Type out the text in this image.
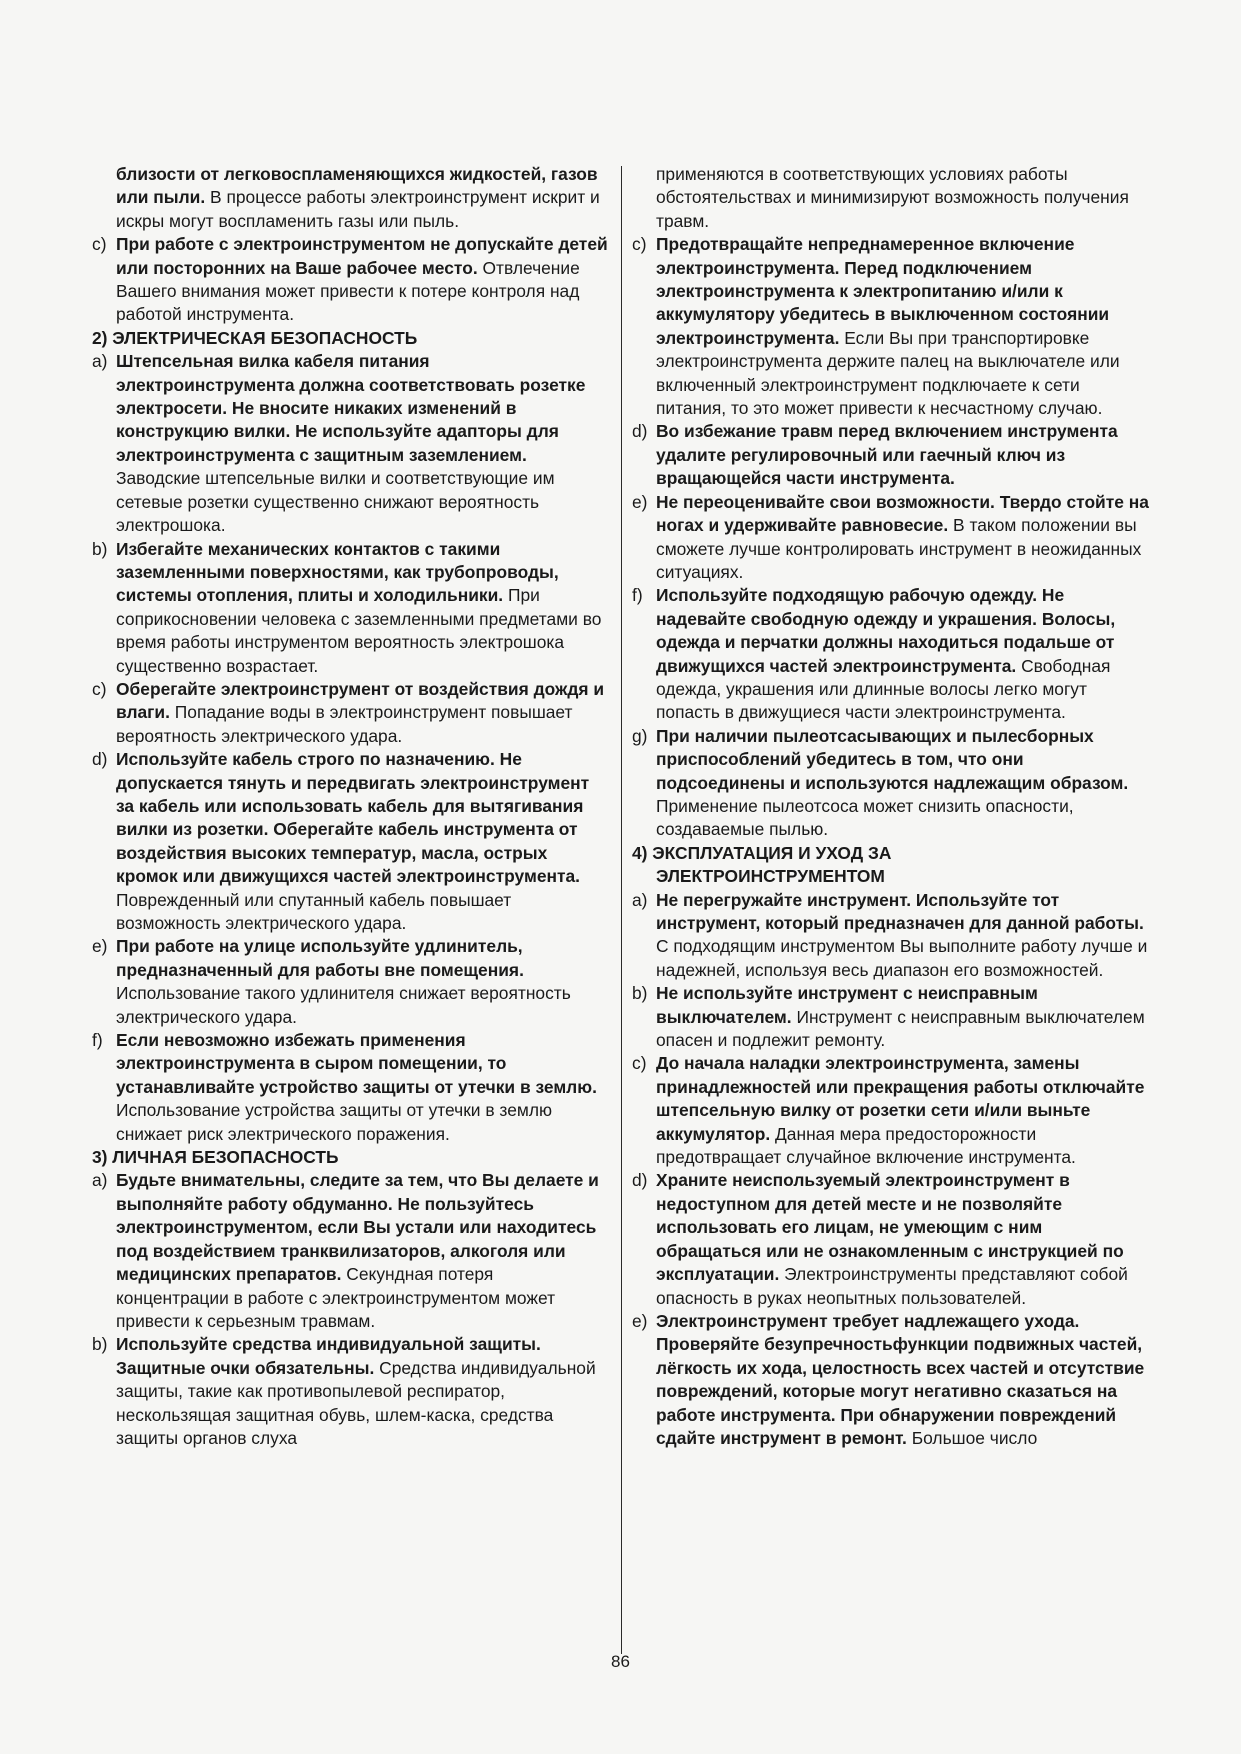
близости от легковоспламеняющихся жидкостей, газов или пыли. В процессе работы электроинструмент искрит и искры могут воспламенить газы или пыль.
c) При работе с электроинструментом не допускайте детей или посторонних на Ваше рабочее место. Отвлечение Вашего внимания может привести к потере контроля над работой инструмента.
2) ЭЛЕКТРИЧЕСКАЯ БЕЗОПАСНОСТЬ
a) Штепсельная вилка кабеля питания электроинструмента должна соответствовать розетке электросети. Не вносите никаких изменений в конструкцию вилки. Не используйте адапторы для электроинструмента с защитным заземлением. Заводские штепсельные вилки и соответствующие им сетевые розетки существенно снижают вероятность электрошока.
b) Избегайте механических контактов с такими заземленными поверхностями, как трубопроводы, системы отопления, плиты и холодильники. При соприкосновении человека с заземленными предметами во время работы инструментом вероятность электрошока существенно возрастает.
c) Оберегайте электроинструмент от воздействия дождя и влаги. Попадание воды в электроинструмент повышает вероятность электрического удара.
d) Используйте кабель строго по назначению. Не допускается тянуть и передвигать электроинструмент за кабель или использовать кабель для вытягивания вилки из розетки. Оберегайте кабель инструмента от воздействия высоких температур, масла, острых кромок или движущихся частей электроинструмента. Поврежденный или спутанный кабель повышает возможность электрического удара.
e) При работе на улице используйте удлинитель, предназначенный для работы вне помещения. Использование такого удлинителя снижает вероятность электрического удара.
f) Если невозможно избежать применения электроинструмента в сыром помещении, то устанавливайте устройство защиты от утечки в землю. Использование устройства защиты от утечки в землю снижает риск электрического поражения.
3) ЛИЧНАЯ БЕЗОПАСНОСТЬ
a) Будьте внимательны, следите за тем, что Вы делаете и выполняйте работу обдуманно. Не пользуйтесь электроинструментом, если Вы устали или находитесь под воздействием транквилизаторов, алкоголя или медицинских препаратов. Секундная потеря концентрации в работе с электроинструментом может привести к серьезным травмам.
b) Используйте средства индивидуальной защиты. Защитные очки обязательны. Средства индивидуальной защиты, такие как противопылевой респиратор, нескользящая защитная обувь, шлем-каска, средства защиты органов слуха
применяются в соответствующих условиях работы обстоятельствах и минимизируют возможность получения травм.
c) Предотвращайте непреднамеренное включение электроинструмента. Перед подключением электроинструмента к электропитанию и/или к аккумулятору убедитесь в выключенном состоянии электроинструмента. Если Вы при транспортировке электроинструмента держите палец на выключателе или включенный электроинструмент подключаете к сети питания, то это может привести к несчастному случаю.
d) Во избежание травм перед включением инструмента удалите регулировочный или гаечный ключ из вращающейся части инструмента.
e) Не переоценивайте свои возможности. Твердо стойте на ногах и удерживайте равновесие. В таком положении вы сможете лучше контролировать инструмент в неожиданных ситуациях.
f) Используйте подходящую рабочую одежду. Не надевайте свободную одежду и украшения. Волосы, одежда и перчатки должны находиться подальше от движущихся частей электроинструмента. Свободная одежда, украшения или длинные волосы легко могут попасть в движущиеся части электроинструмента.
g) При наличии пылеотсасывающих и пылесборных приспособлений убедитесь в том, что они подсоединены и используются надлежащим образом. Применение пылеотсоса может снизить опасности, создаваемые пылью.
4) ЭКСПЛУАТАЦИЯ И УХОД ЗА
ЭЛЕКТРОИНСТРУМЕНТОМ
a) Не перегружайте инструмент. Используйте тот инструмент, который предназначен для данной работы. С подходящим инструментом Вы выполните работу лучше и надежней, используя весь диапазон его возможностей.
b) Не используйте инструмент с неисправным выключателем. Инструмент с неисправным выключателем опасен и подлежит ремонту.
c) До начала наладки электроинструмента, замены принадлежностей или прекращения работы отключайте штепсельную вилку от розетки сети и/или выньте аккумулятор. Данная мера предосторожности предотвращает случайное включение инструмента.
d) Храните неиспользуемый электроинструмент в недоступном для детей месте и не позволяйте использовать его лицам, не умеющим с ним обращаться или не ознакомленным с инструкцией по эксплуатации. Электроинструменты представляют собой опасность в руках неопытных пользователей.
e) Электроинструмент требует надлежащего ухода. Проверяйте безупречностьфункции подвижных частей, лёгкость их хода, целостность всех частей и отсутствие повреждений, которые могут негативно сказаться на работе инструмента. При обнаружении повреждений сдайте инструмент в ремонт. Большое число
86
